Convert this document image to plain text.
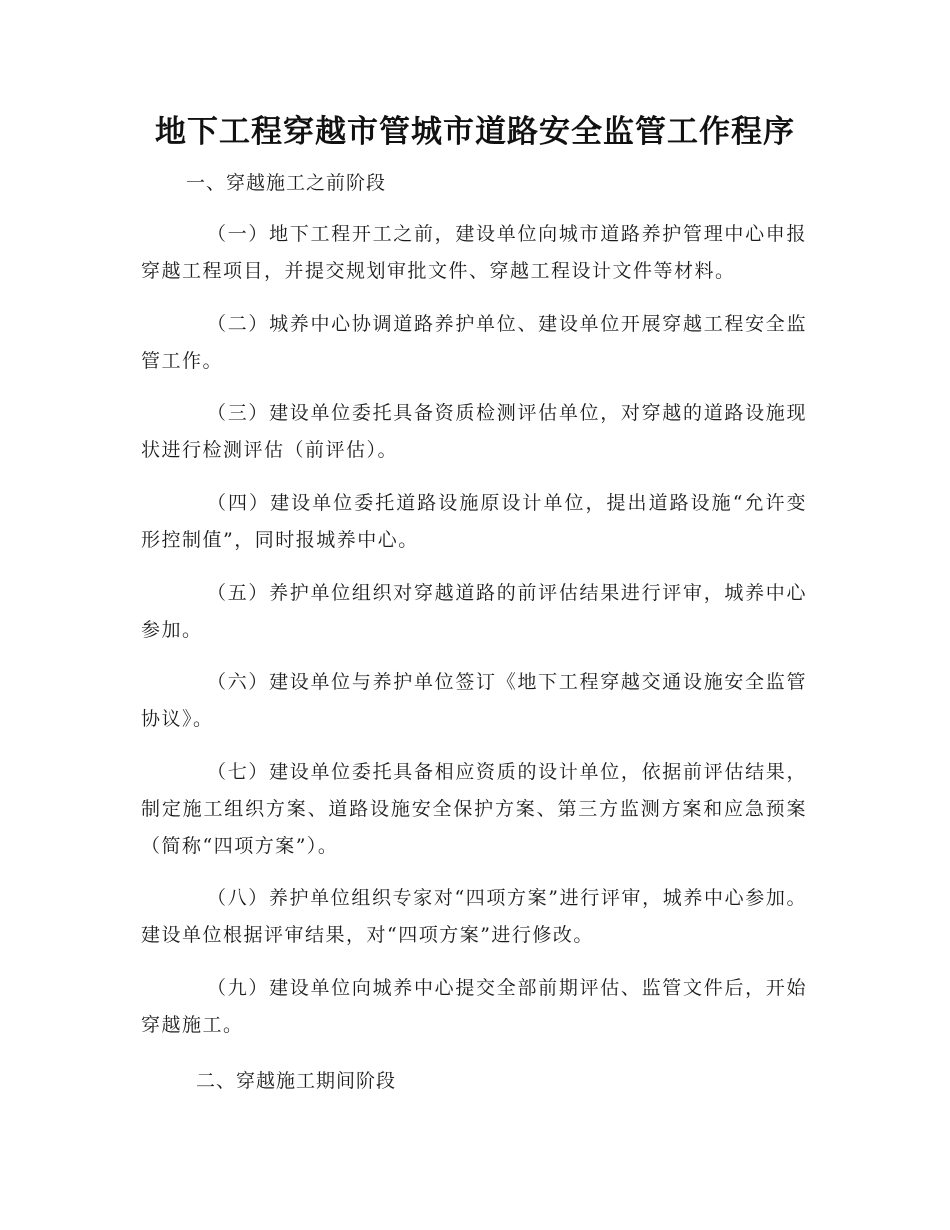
地下工程穿越市管城市道路安全监管工作程序

一、穿越施工之前阶段

（一）地下工程开工之前，建设单位向城市道路养护管理中心申报穿越工程项目，并提交规划审批文件、穿越工程设计文件等材料。

（二）城养中心协调道路养护单位、建设单位开展穿越工程安全监管工作。

（三）建设单位委托具备资质检测评估单位，对穿越的道路设施现状进行检测评估（前评估）。

（四）建设单位委托道路设施原设计单位，提出道路设施“允许变形控制值”，同时报城养中心。

（五）养护单位组织对穿越道路的前评估结果进行评审，城养中心参加。

（六）建设单位与养护单位签订《地下工程穿越交通设施安全监管协议》。

（七）建设单位委托具备相应资质的设计单位，依据前评估结果，制定施工组织方案、道路设施安全保护方案、第三方监测方案和应急预案（简称“四项方案”）。

（八）养护单位组织专家对“四项方案”进行评审，城养中心参加。建设单位根据评审结果，对“四项方案”进行修改。

（九）建设单位向城养中心提交全部前期评估、监管文件后，开始穿越施工。

二、穿越施工期间阶段
